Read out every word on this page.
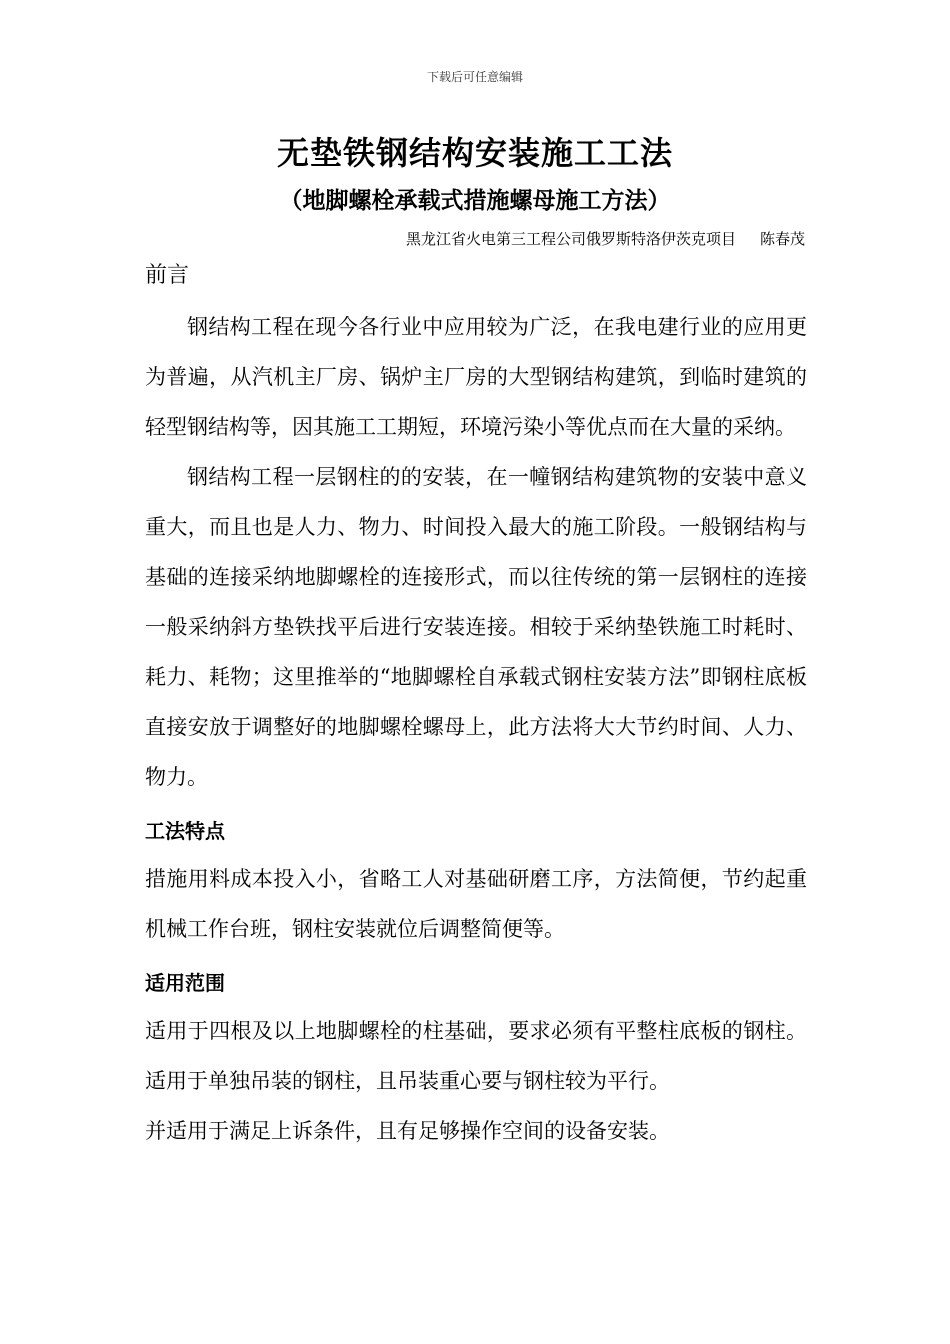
下载后可任意编辑
无垫铁钢结构安装施工工法
（地脚螺栓承载式措施螺母施工方法）
黑龙江省火电第三工程公司俄罗斯特洛伊茨克项目 陈春茂
前言

钢结构工程在现今各行业中应用较为广泛，在我电建行业的应用更为普遍，从汽机主厂房、锅炉主厂房的大型钢结构建筑，到临时建筑的轻型钢结构等，因其施工工期短，环境污染小等优点而在大量的采纳。

钢结构工程一层钢柱的的安装，在一幢钢结构建筑物的安装中意义重大，而且也是人力、物力、时间投入最大的施工阶段。一般钢结构与基础的连接采纳地脚螺栓的连接形式，而以往传统的第一层钢柱的连接一般采纳斜方垫铁找平后进行安装连接。相较于采纳垫铁施工时耗时、耗力、耗物；这里推举的“地脚螺栓自承载式钢柱安装方法”即钢柱底板直接安放于调整好的地脚螺栓螺母上，此方法将大大节约时间、人力、物力。

工法特点

措施用料成本投入小，省略工人对基础研磨工序，方法简便，节约起重机械工作台班，钢柱安装就位后调整简便等。

适用范围

适用于四根及以上地脚螺栓的柱基础，要求必须有平整柱底板的钢柱。适用于单独吊装的钢柱，且吊装重心要与钢柱较为平行。

并适用于满足上诉条件，且有足够操作空间的设备安装。
